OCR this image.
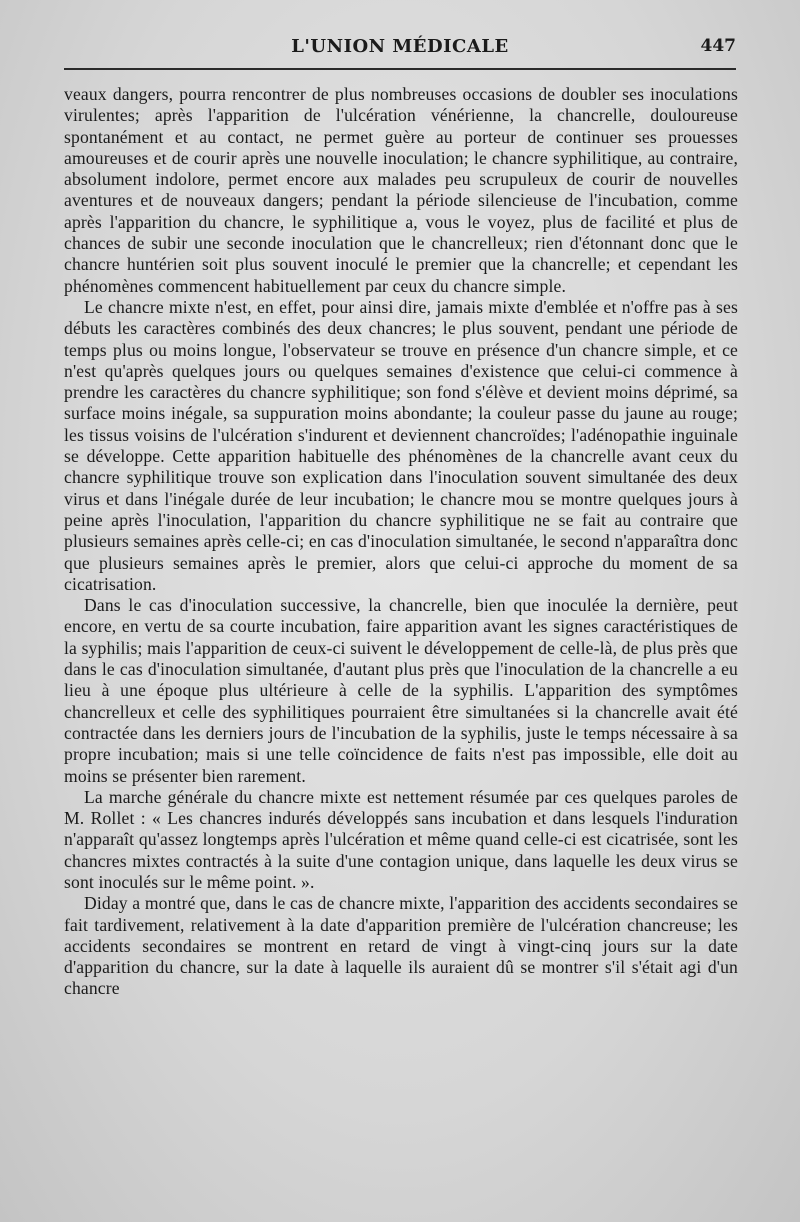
L'UNION MÉDICALE	447

veaux dangers, pourra rencontrer de plus nombreuses occasions de doubler ses inoculations virulentes; après l'apparition de l'ulcération vénérienne, la chancrelle, douloureuse spontanément et au contact, ne permet guère au porteur de continuer ses prouesses amoureuses et de courir après une nouvelle inoculation; le chancre syphilitique, au contraire, absolument indolore, permet encore aux malades peu scrupuleux de courir de nouvelles aventures et de nouveaux dangers; pendant la période silencieuse de l'incubation, comme après l'apparition du chancre, le syphilitique a, vous le voyez, plus de facilité et plus de chances de subir une seconde inoculation que le chancrelleux; rien d'étonnant donc que le chancre huntérien soit plus souvent inoculé le premier que la chancrelle; et cependant les phénomènes commencent habituellement par ceux du chancre simple.

Le chancre mixte n'est, en effet, pour ainsi dire, jamais mixte d'emblée et n'offre pas à ses débuts les caractères combinés des deux chancres; le plus souvent, pendant une période de temps plus ou moins longue, l'observateur se trouve en présence d'un chancre simple, et ce n'est qu'après quelques jours ou quelques semaines d'existence que celui-ci commence à prendre les caractères du chancre syphilitique; son fond s'élève et devient moins déprimé, sa surface moins inégale, sa suppuration moins abondante; la couleur passe du jaune au rouge; les tissus voisins de l'ulcération s'indurent et deviennent chancroïdes; l'adénopathie inguinale se développe. Cette apparition habituelle des phénomènes de la chancrelle avant ceux du chancre syphilitique trouve son explication dans l'inoculation souvent simultanée des deux virus et dans l'inégale durée de leur incubation; le chancre mou se montre quelques jours à peine après l'inoculation, l'apparition du chancre syphilitique ne se fait au contraire que plusieurs semaines après celle-ci; en cas d'inoculation simultanée, le second n'apparaîtra donc que plusieurs semaines après le premier, alors que celui-ci approche du moment de sa cicatrisation.

Dans le cas d'inoculation successive, la chancrelle, bien que inoculée la dernière, peut encore, en vertu de sa courte incubation, faire apparition avant les signes caractéristiques de la syphilis; mais l'apparition de ceux-ci suivent le développement de celle-là, de plus près que dans le cas d'inoculation simultanée, d'autant plus près que l'inoculation de la chancrelle a eu lieu à une époque plus ultérieure à celle de la syphilis. L'apparition des symptômes chancrelleux et celle des syphilitiques pourraient être simultanées si la chancrelle avait été contractée dans les derniers jours de l'incubation de la syphilis, juste le temps nécessaire à sa propre incubation; mais si une telle coïncidence de faits n'est pas impossible, elle doit au moins se présenter bien rarement.

La marche générale du chancre mixte est nettement résumée par ces quelques paroles de M. Rollet : « Les chancres indurés développés sans incubation et dans lesquels l'induration n'apparaît qu'assez longtemps après l'ulcération et même quand celle-ci est cicatrisée, sont les chancres mixtes contractés à la suite d'une contagion unique, dans laquelle les deux virus se sont inoculés sur le même point. ».

Diday a montré que, dans le cas de chancre mixte, l'apparition des accidents secondaires se fait tardivement, relativement à la date d'apparition première de l'ulcération chancreuse; les accidents secondaires se montrent en retard de vingt à vingt-cinq jours sur la date d'apparition du chancre, sur la date à laquelle ils auraient dû se montrer s'il s'était agi d'un chancre
